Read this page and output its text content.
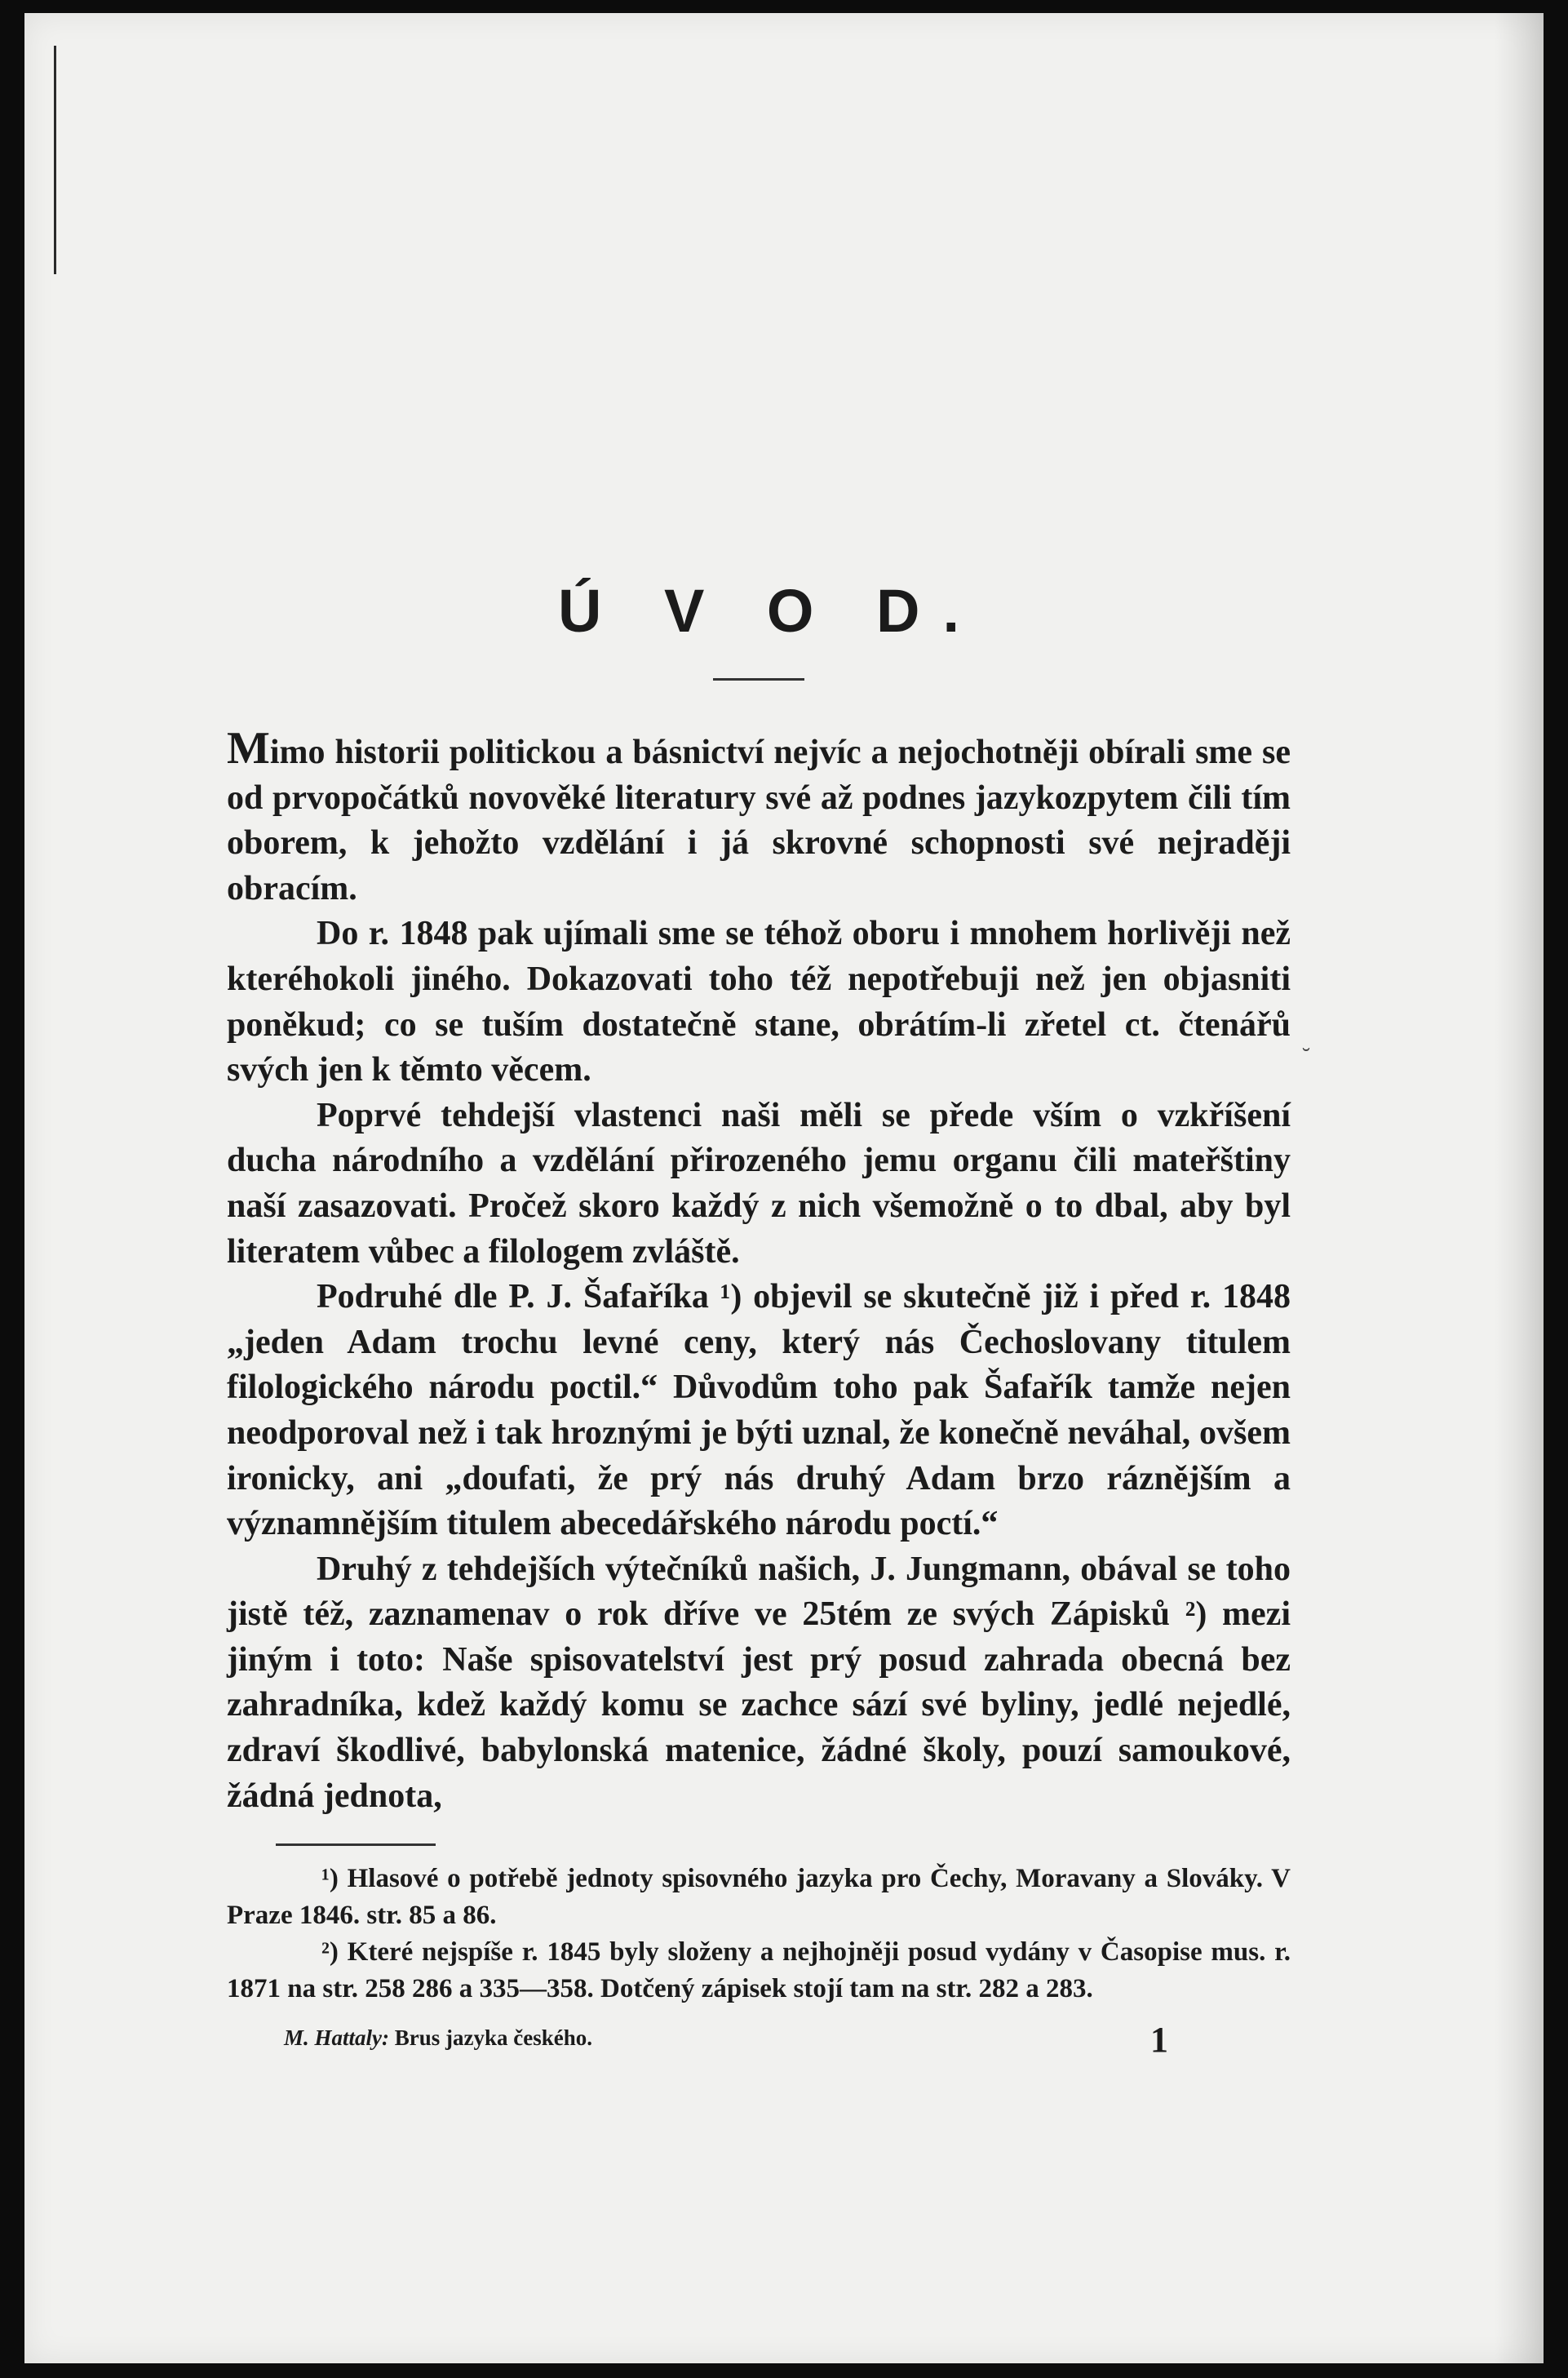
Ú V O D.

Mimo historii politickou a básnictví nejvíc a nejochotněji obírali sme se od prvopočátků novověké literatury své až podnes jazykozpytem čili tím oborem, k jehožto vzdělání i já skrovné schopnosti své nejraději obracím.

Do r. 1848 pak ujímali sme se téhož oboru i mnohem horlivěji než kteréhokoli jiného. Dokazovati toho též nepotřebuji než jen objasniti poněkud; co se tuším dostatečně stane, obrátím-li zřetel ct. čtenářů svých jen k těmto věcem.

Poprvé tehdejší vlastenci naši měli se přede vším o vzkříšení ducha národního a vzdělání přirozeného jemu organu čili mateřštiny naší zasazovati. Pročež skoro každý z nich všemožně o to dbal, aby byl literatem vůbec a filologem zvláště.

Podruhé dle P. J. Šafaříka ¹) objevil se skutečně již i před r. 1848 „jeden Adam trochu levné ceny, který nás Čechoslovany titulem filologického národu poctil.“ Důvodům toho pak Šafařík tamže nejen neodporoval než i tak hroznými je býti uznal, že konečně neváhal, ovšem ironicky, ani „doufati, že prý nás druhý Adam brzo ráznějším a významnějším titulem abecedářského národu poctí.“

Druhý z tehdejších výtečníků našich, J. Jungmann, obával se toho jistě též, zaznamenav o rok dříve ve 25tém ze svých Zápisků ²) mezi jiným i toto: Naše spisovatelství jest prý posud zahrada obecná bez zahradníka, kdež každý komu se zachce sází své byliny, jedlé nejedlé, zdraví škodlivé, babylonská matenice, žádné školy, pouzí samoukové, žádná jednota,

¹) Hlasové o potřebě jednoty spisovného jazyka pro Čechy, Moravany a Slováky. V Praze 1846. str. 85 a 86.

²) Které nejspíše r. 1845 byly složeny a nejhojněji posud vydány v Časopise mus. r. 1871 na str. 258 286 a 335—358. Dotčený zápisek stojí tam na str. 282 a 283.

M. Hattaly: Brus jazyka českého.	1
˘
